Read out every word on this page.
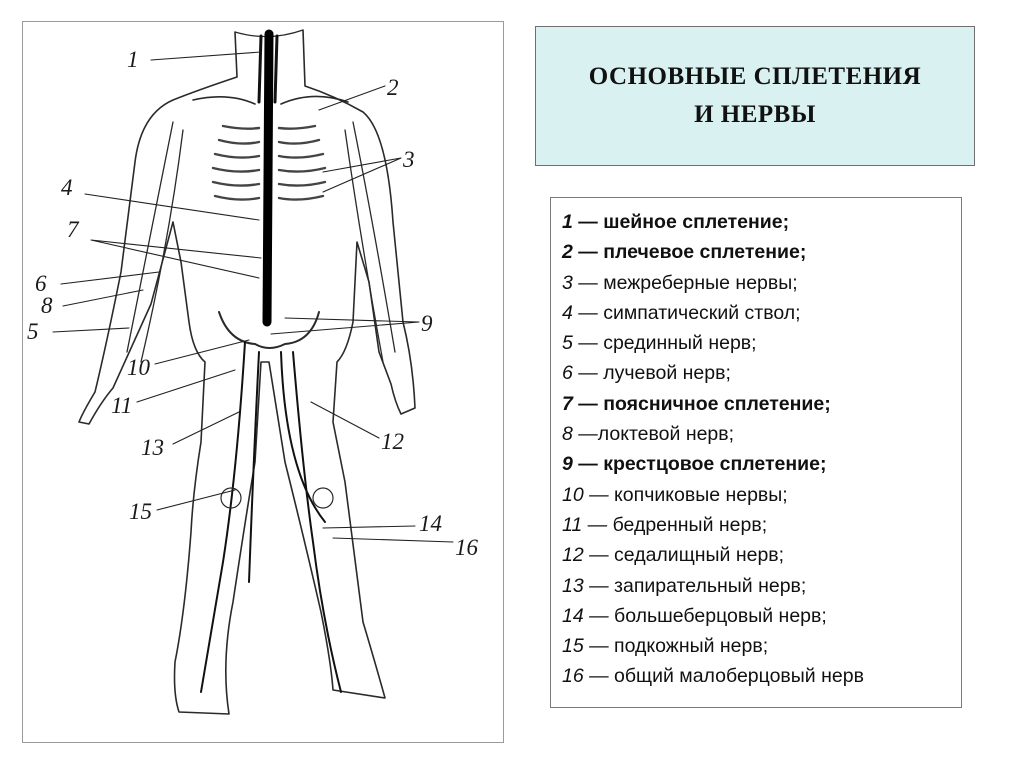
1
2
3
4
5
6
7
8
9
10
11
12
13
14
15
16
ОСНОВНЫЕ СПЛЕТЕНИЯ
И НЕРВЫ
1 — шейное сплетение;
2 — плечевое сплетение;
3 — межреберные нервы;
4 — симпатический ствол;
5 — срединный нерв;
6 — лучевой нерв;
7 — поясничное сплетение;
8 —локтевой нерв;
9 — крестцовое сплетение;
10 — копчиковые нервы;
11 — бедренный нерв;
12 — седалищный нерв;
13 — запирательный нерв;
14 — большеберцовый нерв;
15 — подкожный нерв;
16 — общий малоберцовый нерв
